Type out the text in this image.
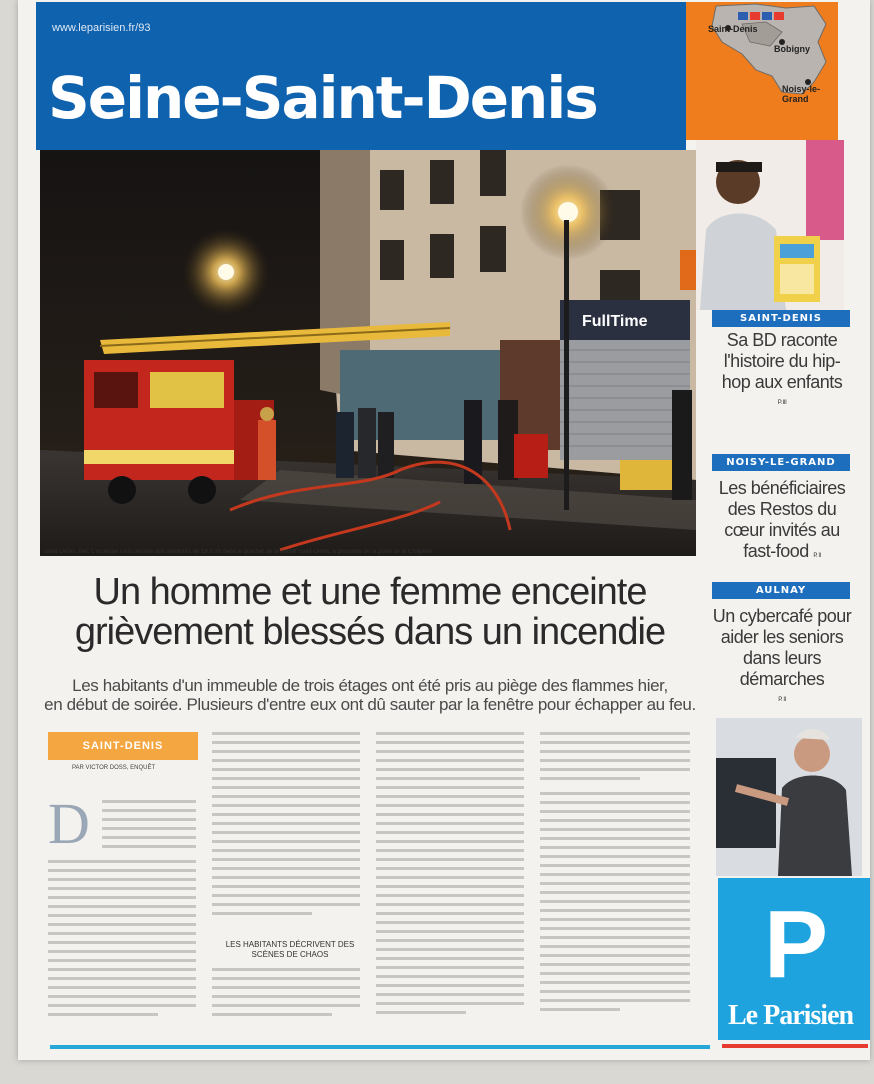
www.leparisien.fr/93
Seine-Saint-Denis
Saint-Denis
Bobigny
Noisy-le-Grand
FullTime
Saint-Denis, hier. L'incendie s'est déclaré aux alentours de 19 h 30 dans le quartier de la plaine Saint-Denis, à proximité de la porte de la Chapelle.
Un homme et une femme enceinte
grièvement blessés dans un incendie
Les habitants d'un immeuble de trois étages ont été pris au piège des flammes hier,
en début de soirée. Plusieurs d'entre eux ont dû sauter par la fenêtre pour échapper au feu.
SAINT-DENIS
PAR VICTOR DOSS, ENQUÊT
D
LES HABITANTS DÉCRIVENT DES SCÈNES DE CHAOS
SAINT-DENIS
Sa BD raconte l'histoire du hip-hop aux enfants
P. III
NOISY-LE-GRAND
Les bénéficiaires des Restos du cœur invités au fast-food P. II
AULNAY
Un cybercafé pour aider les seniors dans leurs démarches
P. II
P
Le Parisien
